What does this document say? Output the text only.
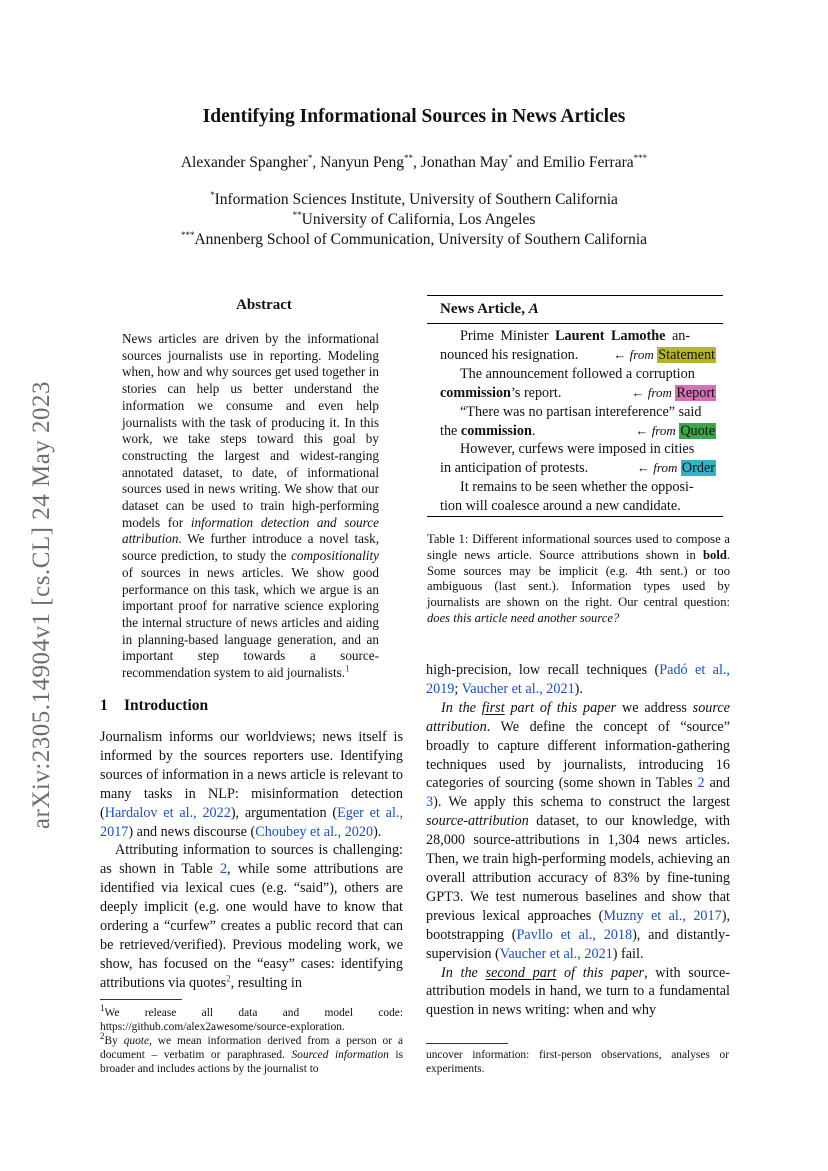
arXiv:2305.14904v1 [cs.CL] 24 May 2023
Identifying Informational Sources in News Articles
Alexander Spangher*, Nanyun Peng**, Jonathan May* and Emilio Ferrara***
*Information Sciences Institute, University of Southern California
**University of California, Los Angeles
***Annenberg School of Communication, University of Southern California
Abstract
News articles are driven by the informational sources journalists use in reporting. Modeling when, how and why sources get used together in stories can help us better understand the information we consume and even help journalists with the task of producing it. In this work, we take steps toward this goal by constructing the largest and widest-ranging annotated dataset, to date, of informational sources used in news writing. We show that our dataset can be used to train high-performing models for information detection and source attribution. We further introduce a novel task, source prediction, to study the compositionality of sources in news articles. We show good performance on this task, which we argue is an important proof for narrative science exploring the internal structure of news articles and aiding in planning-based language generation, and an important step towards a source-recommendation system to aid journalists.$^1$
1 Introduction

Journalism informs our worldviews; news itself is informed by the sources reporters use. Identifying sources of information in a news article is relevant to many tasks in NLP: misinformation detection (Hardalov et al., 2022), argumentation (Eger et al., 2017) and news discourse (Choubey et al., 2020).

Attributing information to sources is challenging: as shown in Table 2, while some attributions are identified via lexical cues (e.g. “said”), others are deeply implicit (e.g. one would have to know that ordering a “curfew” creates a public record that can be retrieved/verified). Previous modeling work, we show, has focused on the “easy” cases: identifying attributions via quotes$^2$, resulting in

$^1$We release all data and model code: https://github.com/alex2awesome/source-exploration.
$^2$By quote, we mean information derived from a person or a document – verbatim or paraphrased. Sourced information is broader and includes actions by the journalist to
News Article, A
Prime Minister Laurent Lamothe an-
nounced his resignation.	← from Statement
The announcement followed a corruption
commission’s report.	← from Report
“There was no partisan intereference” said
the commission.	← from Quote
However, curfews were imposed in cities
in anticipation of protests.	← from Order
It remains to be seen whether the opposi-
tion will coalesce around a new candidate.
Table 1: Different informational sources used to compose a single news article. Source attributions shown in bold. Some sources may be implicit (e.g. 4th sent.) or too ambiguous (last sent.). Information types used by journalists are shown on the right. Our central question: does this article need another source?

high-precision, low recall techniques (Padó et al., 2019; Vaucher et al., 2021).

In the first part of this paper we address source attribution. We define the concept of “source” broadly to capture different information-gathering techniques used by journalists, introducing 16 categories of sourcing (some shown in Tables 2 and 3). We apply this schema to construct the largest source-attribution dataset, to our knowledge, with 28,000 source-attributions in 1,304 news articles. Then, we train high-performing models, achieving an overall attribution accuracy of 83% by fine-tuning GPT3. We test numerous baselines and show that previous lexical approaches (Muzny et al., 2017), bootstrapping (Pavllo et al., 2018), and distantly-supervision (Vaucher et al., 2021) fail.

In the second part of this paper, with source-attribution models in hand, we turn to a fundamental question in news writing: when and why

uncover information: first-person observations, analyses or experiments.
